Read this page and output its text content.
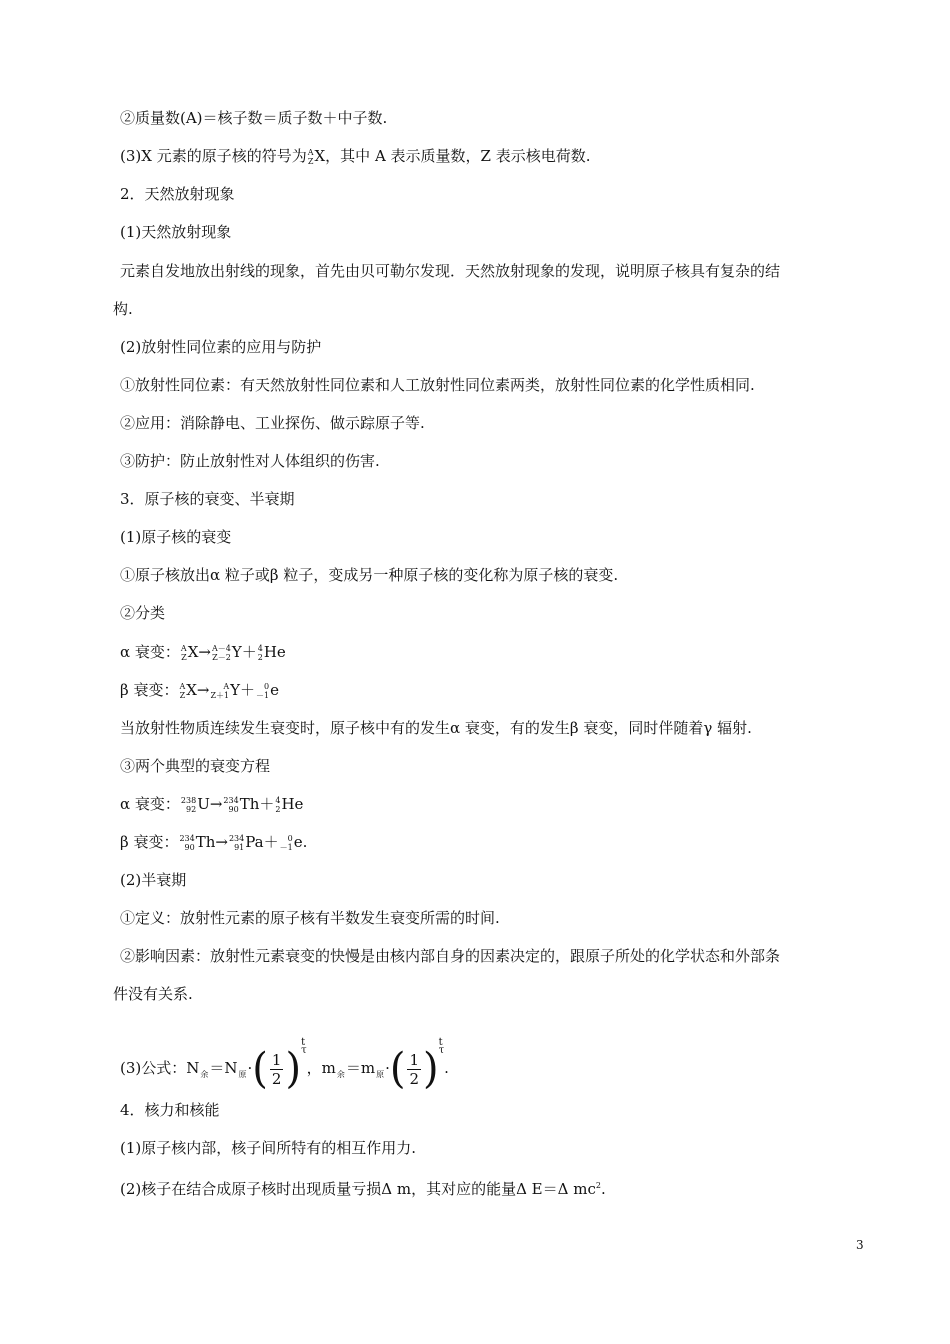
②质量数(A)＝核子数＝质子数＋中子数.
(3)X 元素的原子核的符号为 A
Z X，其中 A 表示质量数，Z 表示核电荷数.
2．天然放射现象
(1)天然放射现象
元素自发地放出射线的现象，首先由贝可勒尔发现．天然放射现象的发现，说明原子核具有复杂的结
构.
(2)放射性同位素的应用与防护
①放射性同位素：有天然放射性同位素和人工放射性同位素两类，放射性同位素的化学性质相同.
②应用：消除静电、工业探伤、做示踪原子等.
③防护：防止放射性对人体组织的伤害.
3．原子核的衰变、半衰期
(1)原子核的衰变
①原子核放出α 粒子或β 粒子，变成另一种原子核的变化称为原子核的衰变.
②分类
α 衰变： A
Z X→ A－4
Z－2 Y＋ 4
2 He
β 衰变： A
Z X→	A
Z＋1 Y＋	0
－1 e
当放射性物质连续发生衰变时，原子核中有的发生α 衰变，有的发生β 衰变，同时伴随着γ 辐射.
③两个典型的衰变方程
α 衰变： 238
92 U→ 234
90 Th＋ 4
2 He
β 衰变： 234
90 Th→ 234
91 Pa＋	0
－1 e.
(2)半衰期
①定义：放射性元素的原子核有半数发生衰变所需的时间.
②影响因素：放射性元素衰变的快慢是由核内部自身的因素决定的，跟原子所处的化学状态和外部条
件没有关系.
(3)公式：$N_余=N_原\cdot$ ( $\frac{1}{2}$ )
t
τ
，$m_余=m_原\cdot$ ( $\frac{1}{2}$ )
t
τ
.
4．核力和核能
(1)原子核内部，核子间所特有的相互作用力.
(2)核子在结合成原子核时出现质量亏损Δ m，其对应的能量Δ E＝Δ $mc^2$.
3
